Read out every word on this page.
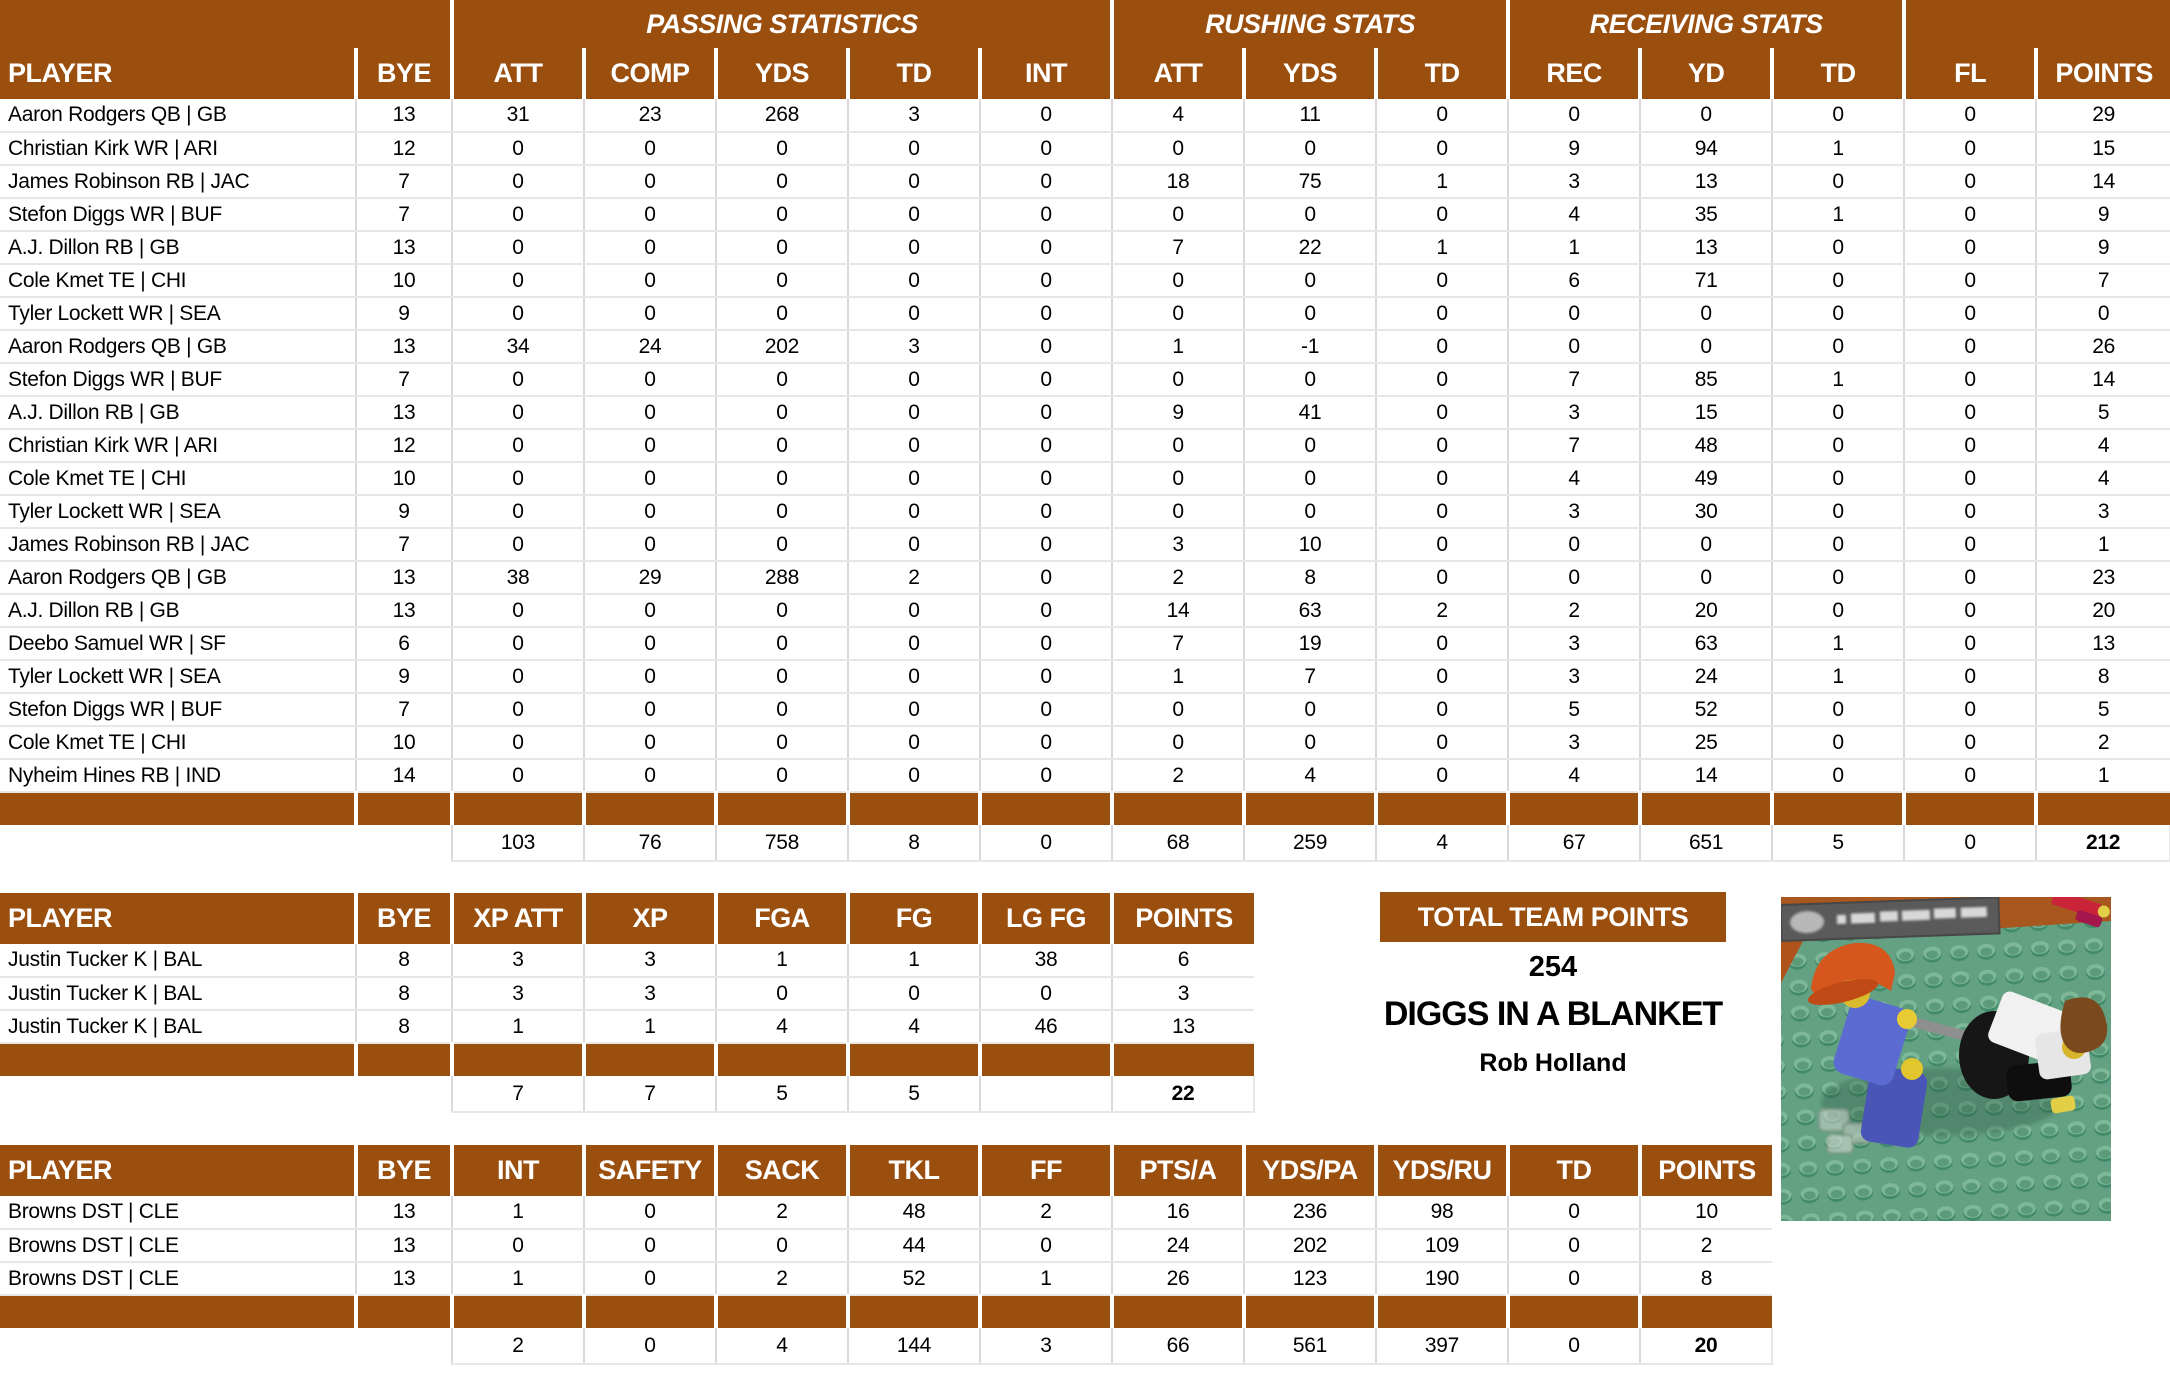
		PASSING STATISTICS					RUSHING STATS			RECEIVING STATS				
PLAYER	BYE	ATT	COMP	YDS	TD	INT	ATT	YDS	TD	REC	YD	TD	FL	POINTS
Aaron Rodgers QB | GB	13	31	23	268	3	0	4	11	0	0	0	0	0	29
Christian Kirk WR | ARI	12	0	0	0	0	0	0	0	0	9	94	1	0	15
James Robinson RB | JAC	7	0	0	0	0	0	18	75	1	3	13	0	0	14
Stefon Diggs WR | BUF	7	0	0	0	0	0	0	0	0	4	35	1	0	9
A.J. Dillon RB | GB	13	0	0	0	0	0	7	22	1	1	13	0	0	9
Cole Kmet TE | CHI	10	0	0	0	0	0	0	0	0	6	71	0	0	7
Tyler Lockett WR | SEA	9	0	0	0	0	0	0	0	0	0	0	0	0	0
Aaron Rodgers QB | GB	13	34	24	202	3	0	1	-1	0	0	0	0	0	26
Stefon Diggs WR | BUF	7	0	0	0	0	0	0	0	0	7	85	1	0	14
A.J. Dillon RB | GB	13	0	0	0	0	0	9	41	0	3	15	0	0	5
Christian Kirk WR | ARI	12	0	0	0	0	0	0	0	0	7	48	0	0	4
Cole Kmet TE | CHI	10	0	0	0	0	0	0	0	0	4	49	0	0	4
Tyler Lockett WR | SEA	9	0	0	0	0	0	0	0	0	3	30	0	0	3
James Robinson RB | JAC	7	0	0	0	0	0	3	10	0	0	0	0	0	1
Aaron Rodgers QB | GB	13	38	29	288	2	0	2	8	0	0	0	0	0	23
A.J. Dillon RB | GB	13	0	0	0	0	0	14	63	2	2	20	0	0	20
Deebo Samuel WR | SF	6	0	0	0	0	0	7	19	0	3	63	1	0	13
Tyler Lockett WR | SEA	9	0	0	0	0	0	1	7	0	3	24	1	0	8
Stefon Diggs WR | BUF	7	0	0	0	0	0	0	0	0	5	52	0	0	5
Cole Kmet TE | CHI	10	0	0	0	0	0	0	0	0	3	25	0	0	2
Nyheim Hines RB | IND	14	0	0	0	0	0	2	4	0	4	14	0	0	1

		103	76	758	8	0	68	259	4	67	651	5	0	212
PLAYER	BYE	XP ATT	XP	FGA	FG	LG FG	POINTS
Justin Tucker K | BAL	8	3	3	1	1	38	6
Justin Tucker K | BAL	8	3	3	0	0	0	3
Justin Tucker K | BAL	8	1	1	4	4	46	13

		7	7	5	5		22
PLAYER	BYE	INT	SAFETY	SACK	TKL	FF	PTS/A	YDS/PA	YDS/RU	TD	POINTS
Browns DST | CLE	13	1	0	2	48	2	16	236	98	0	10
Browns DST | CLE	13	0	0	0	44	0	24	202	109	0	2
Browns DST | CLE	13	1	0	2	52	1	26	123	190	0	8

		2	0	4	144	3	66	561	397	0	20
TOTAL TEAM POINTS
254
DIGGS IN A BLANKET
Rob Holland
